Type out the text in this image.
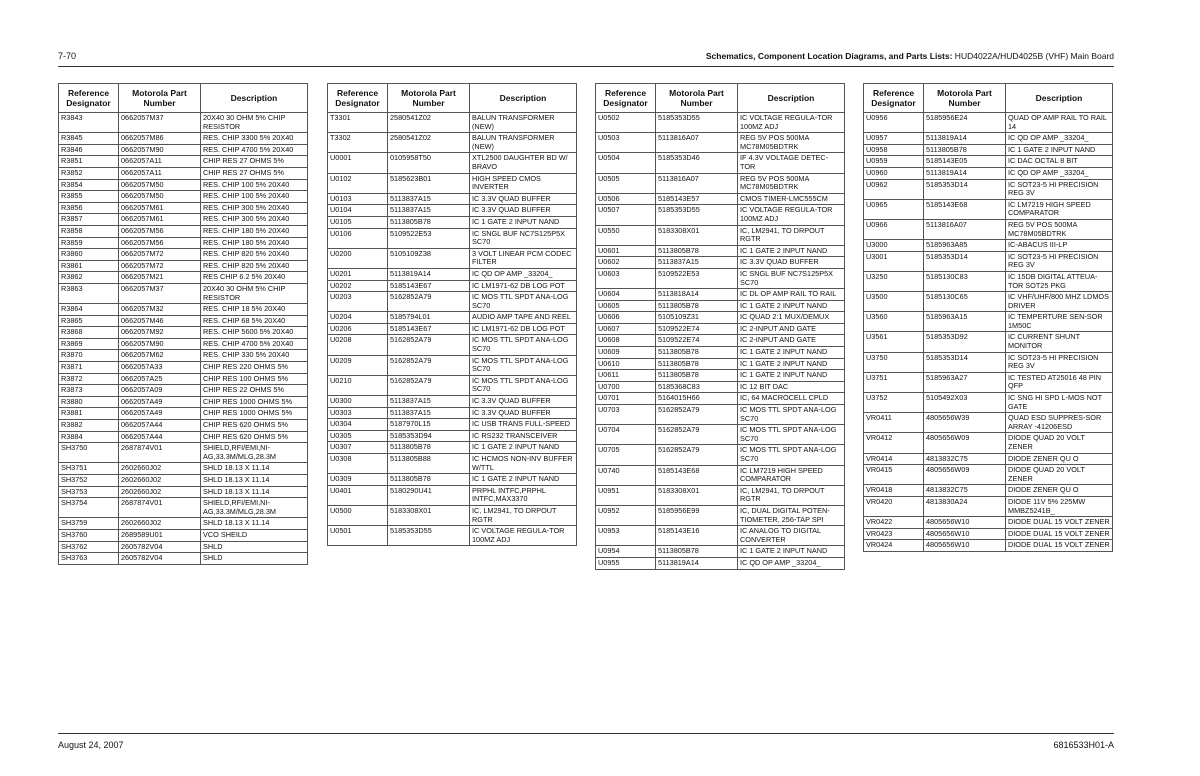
7-70	Schematics, Component Location Diagrams, and Parts Lists: HUD4022A/HUD4025B (VHF) Main Board
Reference Designator	Motorola Part Number	Description
R3843	0662057M37	20X40 30 OHM 5% CHIP RESISTOR
R3845	0662057M86	RES. CHIP 3300 5% 20X40
R3846	0662057M90	RES. CHIP 4700 5% 20X40
R3851	0662057A11	CHIP RES 27 OHMS 5%
R3852	0662057A11	CHIP RES 27 OHMS 5%
R3854	0662057M50	RES. CHIP 100 5% 20X40
R3855	0662057M50	RES. CHIP 100 5% 20X40
R3856	0662057M61	RES. CHIP 300 5% 20X40
R3857	0662057M61	RES. CHIP 300 5% 20X40
R3858	0662057M56	RES. CHIP 180 5% 20X40
R3859	0662057M56	RES. CHIP 180 5% 20X40
R3860	0662057M72	RES. CHIP 820 5% 20X40
R3861	0662057M72	RES. CHIP 820 5% 20X40
R3862	0662057M21	RES CHIP 6.2 5% 20X40
R3863	0662057M37	20X40 30 OHM 5% CHIP RESISTOR
R3864	0662057M32	RES. CHIP 18 5% 20X40
R3865	0662057M46	RES. CHIP 68 5% 20X40
R3868	0662057M92	RES. CHIP 5600 5% 20X40
R3869	0662057M90	RES. CHIP 4700 5% 20X40
R3870	0662057M62	RES. CHIP 330 5% 20X40
R3871	0662057A33	CHIP RES 220 OHMS 5%
R3872	0662057A25	CHIP RES 100 OHMS 5%
R3873	0662057A09	CHIP RES 22 OHMS 5%
R3880	0662057A49	CHIP RES 1000 OHMS 5%
R3881	0662057A49	CHIP RES 1000 OHMS 5%
R3882	0662057A44	CHIP RES 620 OHMS 5%
R3884	0662057A44	CHIP RES 620 OHMS 5%
SH3750	2687874V01	SHIELD,RFI/EMI,NI-AG,33.3M/MLG,28.3M
SH3751	2602660J02	SHLD 18.13 X 11.14
SH3752	2602660J02	SHLD 18.13 X 11.14
SH3753	2602660J02	SHLD 18.13 X 11.14
SH3754	2687874V01	SHIELD,RFI/EMI,NI-AG,33.3M/MLG,28.3M
SH3759	2602660J02	SHLD 18.13 X 11.14
SH3760	2689589U01	VCO SHEILD
SH3762	2605782V04	SHLD
SH3763	2605782V04	SHLD
Reference Designator	Motorola Part Number	Description
T3301	2580541Z02	BALUN TRANSFORMER (NEW)
T3302	2580541Z02	BALUN TRANSFORMER (NEW)
U0001	0105958T50	XTL2500 DAUGHTER BD W/ BRAVO
U0102	5185623B01	HIGH SPEED CMOS INVERTER
U0103	5113837A15	IC 3.3V QUAD BUFFER
U0104	5113837A15	IC 3.3V QUAD BUFFER
U0105	5113805B78	IC 1 GATE 2 INPUT NAND
U0106	5109522E53	IC SNGL BUF NC7S125P5X SC70
U0200	5105109Z38	3 VOLT LINEAR PCM CODEC FILTER
U0201	5113819A14	IC QD OP AMP _33204_
U0202	5185143E67	IC LM1971-62 DB LOG POT
U0203	5162852A79	IC MOS TTL SPDT ANA-LOG SC70
U0204	5185794L01	AUDIO AMP TAPE AND REEL
U0206	5185143E67	IC LM1971-62 DB LOG POT
U0208	5162852A79	IC MOS TTL SPDT ANA-LOG SC70
U0209	5162852A79	IC MOS TTL SPDT ANA-LOG SC70
U0210	5162852A79	IC MOS TTL SPDT ANA-LOG SC70
U0300	5113837A15	IC 3.3V QUAD BUFFER
U0303	5113837A15	IC 3.3V QUAD BUFFER
U0304	5187970L15	IC USB TRANS FULL-SPEED
U0305	5185353D94	IC RS232 TRANSCEIVER
U0307	5113805B78	IC 1 GATE 2 INPUT NAND
U0308	5113805B88	IC HCMOS NON-INV BUFFER W/TTL
U0309	5113805B78	IC 1 GATE 2 INPUT NAND
U0401	5180290U41	PRPHL INTFC,PRPHL INTFC,MAX3370
U0500	5183308X01	IC, LM2941, TO DRPOUT RGTR
U0501	5185353D55	IC VOLTAGE REGULA-TOR 100MZ ADJ
Reference Designator	Motorola Part Number	Description
U0502	5185353D55	IC VOLTAGE REGULA-TOR 100MZ ADJ
U0503	5113816A07	REG 5V POS 500MA MC78M05BDTRK
U0504	5185353D46	IF 4.3V VOLTAGE DETEC-TOR
U0505	5113816A07	REG 5V POS 500MA MC78M05BDTRK
U0506	5185143E57	CMOS TIMER-LMC555CM
U0507	5185353D55	IC VOLTAGE REGULA-TOR 100MZ ADJ
U0550	5183308X01	IC, LM2941, TO DRPOUT RGTR
U0601	5113805B78	IC 1 GATE 2 INPUT NAND
U0602	5113837A15	IC 3.3V QUAD BUFFER
U0603	5109522E53	IC SNGL BUF NC7S125P5X SC70
U0604	5113818A14	IC DL OP AMP RAIL TO RAIL
U0605	5113805B78	IC 1 GATE 2 INPUT NAND
U0606	5105109Z31	IC QUAD 2:1 MUX/DEMUX
U0607	5109522E74	IC 2-INPUT AND GATE
U0608	5109522E74	IC 2-INPUT AND GATE
U0609	5113805B78	IC 1 GATE 2 INPUT NAND
U0610	5113805B78	IC 1 GATE 2 INPUT NAND
U0611	5113805B78	IC 1 GATE 2 INPUT NAND
U0700	5185368C83	IC 12 BIT DAC
U0701	5164015H66	IC, 64 MACROCELL CPLD
U0703	5162852A79	IC MOS TTL SPDT ANA-LOG SC70
U0704	5162852A79	IC MOS TTL SPDT ANA-LOG SC70
U0705	5162852A79	IC MOS TTL SPDT ANA-LOG SC70
U0740	5185143E68	IC LM7219 HIGH SPEED COMPARATOR
U0951	5183308X01	IC, LM2941, TO DRPOUT RGTR
U0952	5185956E99	IC, DUAL DIGITAL POTEN-TIOMETER, 256-TAP SPI
U0953	5185143E16	IC ANALOG TO DIGITAL CONVERTER
U0954	5113805B78	IC 1 GATE 2 INPUT NAND
U0955	5113819A14	IC QD OP AMP _33204_
Reference Designator	Motorola Part Number	Description
U0956	5185956E24	QUAD OP AMP RAIL TO RAIL 14
U0957	5113819A14	IC QD OP AMP _33204_
U0958	5113805B78	IC 1 GATE 2 INPUT NAND
U0959	5185143E05	IC DAC OCTAL 8 BIT
U0960	5113819A14	IC QD OP AMP _33204_
U0962	5185353D14	IC SOT23-5 HI PRECISION REG 3V
U0965	5185143E68	IC LM7219 HIGH SPEED COMPARATOR
U0966	5113816A07	REG 5V POS 500MA MC78M05BDTRK
U3000	5185963A85	IC-ABACUS III-LP
U3001	5185353D14	IC SOT23-5 HI PRECISION REG 3V
U3250	5185130C83	IC 15DB DIGITAL ATTEUA-TOR SOT25 PKG
U3500	5185130C65	IC VHF/UHF/800 MHZ LDMOS DRIVER
U3560	5185963A15	IC TEMPERTURE SEN-SOR 1M50C
U3561	5185353D92	IC CURRENT SHUNT MONITOR
U3750	5185353D14	IC SOT23-5 HI PRECISION REG 3V
U3751	5185963A27	IC TESTED AT25016 48 PIN QFP
U3752	5105492X03	IC SNG HI SPD L-MOS NOT GATE
VR0411	4805656W39	QUAD ESD SUPPRES-SOR ARRAY -41206ESD
VR0412	4805656W09	DIODE QUAD 20 VOLT ZENER
VR0414	4813832C75	DIODE ZENER QU O
VR0415	4805656W09	DIODE QUAD 20 VOLT ZENER
VR0418	4813832C75	DIODE ZENER QU O
VR0420	4813830A24	DIODE 11V 5% 225MW MMBZ5241B_
VR0422	4805656W10	DIODE DUAL 15 VOLT ZENER
VR0423	4805656W10	DIODE DUAL 15 VOLT ZENER
VR0424	4805656W10	DIODE DUAL 15 VOLT ZENER
August 24, 2007	6816533H01-A
